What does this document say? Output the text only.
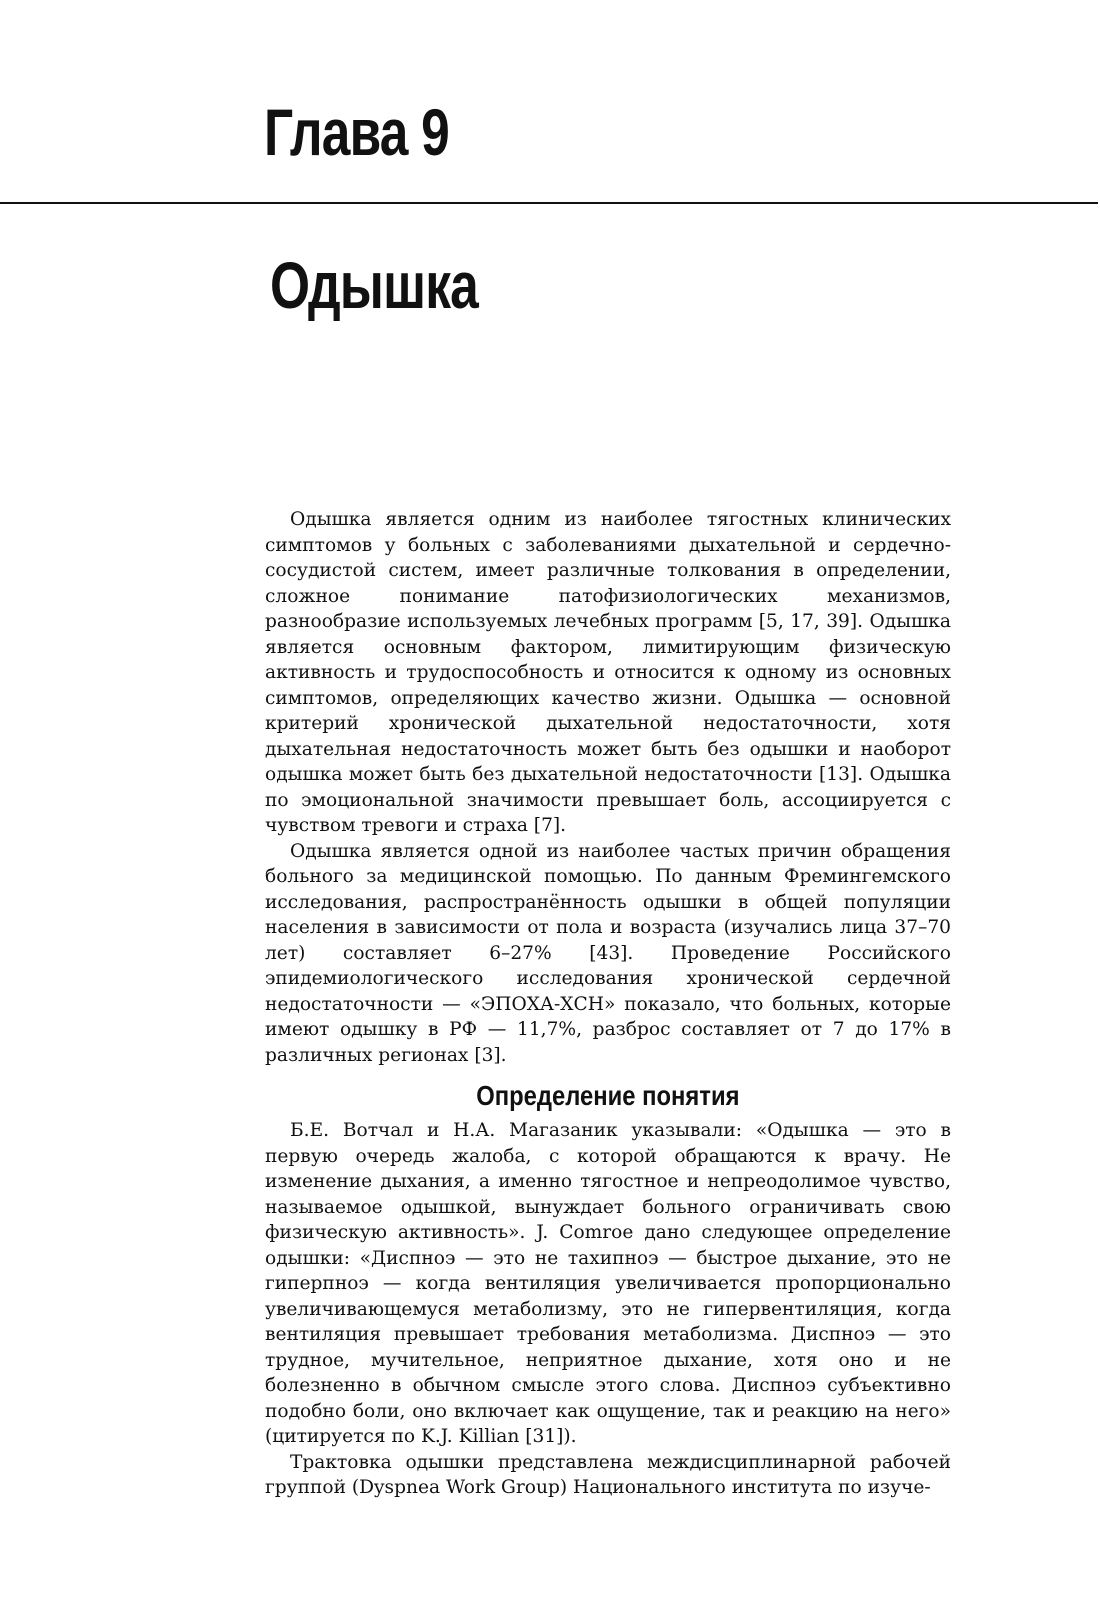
Глава 9
Одышка

Одышка является одним из наиболее тягостных клинических симптомов у больных с заболеваниями дыхательной и сердечно-сосудистой систем, имеет различные толкования в определении, сложное понимание патофизиологических механизмов, разнообразие используемых лечебных программ [5, 17, 39]. Одышка является основным фактором, лимитирующим физическую активность и трудоспособность и относится к одному из основных симптомов, определяющих качество жизни. Одышка — основной критерий хронической дыхательной недостаточности, хотя дыхательная недостаточность может быть без одышки и наоборот одышка может быть без дыхательной недостаточности [13]. Одышка по эмоциональной значимости превышает боль, ассоциируется с чувством тревоги и страха [7].

Одышка является одной из наиболее частых причин обращения больного за медицинской помощью. По данным Фремингемского исследования, распространённость одышки в общей популяции населения в зависимости от пола и возраста (изучались лица 37–70 лет) составляет 6–27% [43]. Проведение Российского эпидемиологического исследования хронической сердечной недостаточности — «ЭПОХА-ХСН» показало, что больных, которые имеют одышку в РФ — 11,7%, разброс составляет от 7 до 17% в различных регионах [3].

Определение понятия

Б.Е. Вотчал и Н.А. Магазаник указывали: «Одышка — это в первую очередь жалоба, с которой обращаются к врачу. Не изменение дыхания, а именно тягостное и непреодолимое чувство, называемое одышкой, вынуждает больного ограничивать свою физическую активность». J. Comroe дано следующее определение одышки: «Диспноэ — это не тахипноэ — быстрое дыхание, это не гиперпноэ — когда вентиляция увеличивается пропорционально увеличивающемуся метаболизму, это не гипервентиляция, когда вентиляция превышает требования метаболизма. Диспноэ — это трудное, мучительное, неприятное дыхание, хотя оно и не болезненно в обычном смысле этого слова. Диспноэ субъективно подобно боли, оно включает как ощущение, так и реакцию на него» (цитируется по K.J. Killian [31]).

Трактовка одышки представлена междисциплинарной рабочей группой (Dyspnea Work Group) Национального института по изуче-
